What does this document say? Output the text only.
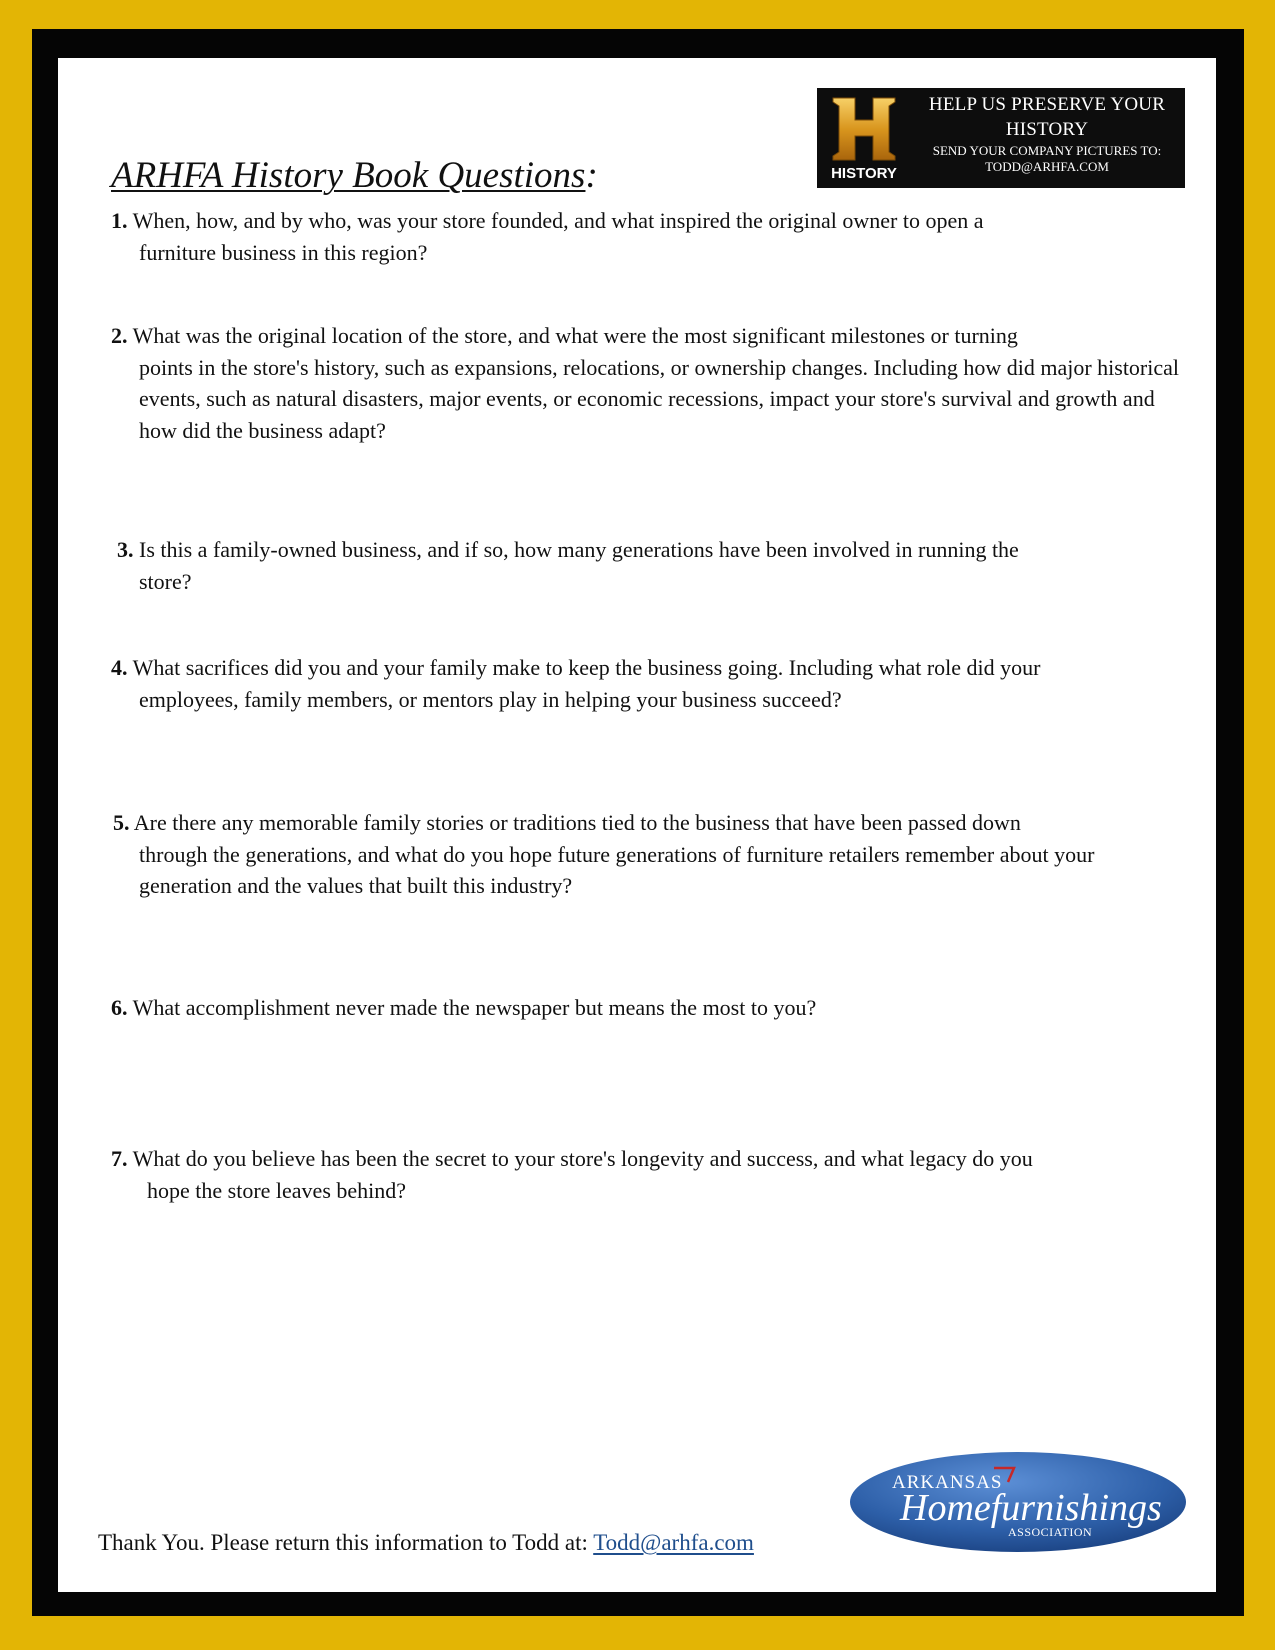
HISTORY
HELP US PRESERVE YOUR HISTORY
SEND YOUR COMPANY PICTURES TO: TODD@ARHFA.COM
ARHFA History Book Questions:
1. When, how, and by who, was your store founded, and what inspired the original owner to open a
furniture business in this region?
2. What was the original location of the store, and what were the most significant milestones or turning
points in the store's history, such as expansions, relocations, or ownership changes. Including how did major historical events, such as natural disasters, major events, or economic recessions, impact your store's survival and growth and how did the business adapt?
3. Is this a family-owned business, and if so, how many generations have been involved in running the
store?
4. What sacrifices did you and your family make to keep the business going. Including what role did your
employees, family members, or mentors play in helping your business succeed?
5. Are there any memorable family stories or traditions tied to the business that have been passed down
through the generations, and what do you hope future generations of furniture retailers remember about your generation and the values that built this industry?
6. What accomplishment never made the newspaper but means the most to you?
7. What do you believe has been the secret to your store's longevity and success, and what legacy do you
hope the store leaves behind?
ARKANSAS
Homefurnishings
ASSOCIATION
Thank You. Please return this information to Todd at: Todd@arhfa.com
